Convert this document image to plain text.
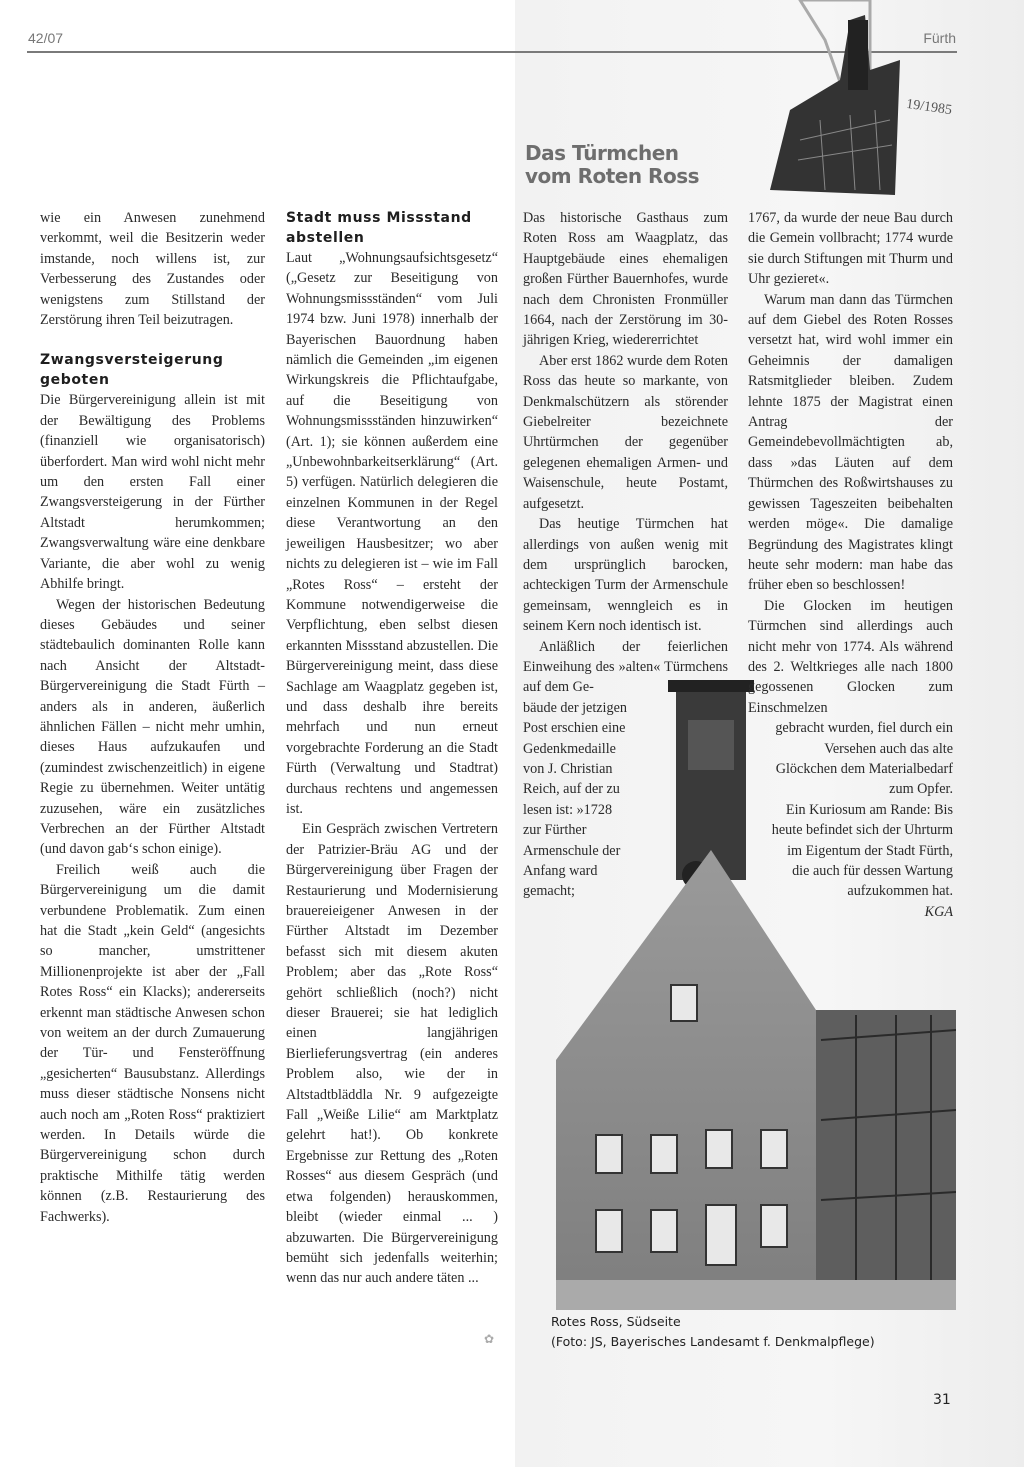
42/07	Fürth
19/1985
Das Türmchen
vom Roten Ross

wie ein Anwesen zunehmend verkommt, weil die Besitzerin weder imstande, noch willens ist, zur Verbesserung des Zustandes oder wenigstens zum Stillstand der Zerstörung ihren Teil beizutragen.

Zwangsversteigerung geboten

Die Bürgervereinigung allein ist mit der Bewältigung des Problems (finanziell wie organisatorisch) überfordert. Man wird wohl nicht mehr um den ersten Fall einer Zwangsversteigerung in der Fürther Altstadt herumkommen; Zwangsverwaltung wäre eine denkbare Variante, die aber wohl zu wenig Abhilfe bringt.

Wegen der historischen Bedeutung dieses Gebäudes und seiner städtebaulich dominanten Rolle kann nach Ansicht der Altstadt-Bürgervereinigung die Stadt Fürth – anders als in anderen, äußerlich ähnlichen Fällen – nicht mehr umhin, dieses Haus aufzukaufen und (zumindest zwischenzeitlich) in eigene Regie zu übernehmen. Weiter untätig zuzusehen, wäre ein zusätzliches Verbrechen an der Fürther Altstadt (und davon gab‘s schon einige).

Freilich weiß auch die Bürgervereinigung um die damit verbundene Problematik. Zum einen hat die Stadt „kein Geld“ (angesichts so mancher, umstrittener Millionenprojekte ist aber der „Fall Rotes Ross“ ein Klacks); andererseits erkennt man städtische Anwesen schon von weitem an der durch Zumauerung der Tür- und Fensteröffnung „gesicherten“ Bausubstanz. Allerdings muss dieser städtische Nonsens nicht auch noch am „Roten Ross“ praktiziert werden. In Details würde die Bürgervereinigung schon durch praktische Mithilfe tätig werden können (z.B. Restaurierung des Fachwerks).

Stadt muss Missstand abstellen

Laut „Wohnungsaufsichtsgesetz“ („Gesetz zur Beseitigung von Wohnungsmissständen“ vom Juli 1974 bzw. Juni 1978) innerhalb der Bayerischen Bauordnung haben nämlich die Gemeinden „im eigenen Wirkungskreis die Pflichtaufgabe, auf die Beseitigung von Wohnungsmissständen hinzuwirken“ (Art. 1); sie können außerdem eine „Unbewohnbarkeitserklärung“ (Art. 5) verfügen. Natürlich delegieren die einzelnen Kommunen in der Regel diese Verantwortung an den jeweiligen Hausbesitzer; wo aber nichts zu delegieren ist – wie im Fall „Rotes Ross“ – ersteht der Kommune notwendigerweise die Verpflichtung, eben selbst diesen erkannten Missstand abzustellen. Die Bürgervereinigung meint, dass diese Sachlage am Waagplatz gegeben ist, und dass deshalb ihre bereits mehrfach und nun erneut vorgebrachte Forderung an die Stadt Fürth (Verwaltung und Stadtrat) durchaus rechtens und angemessen ist.

Ein Gespräch zwischen Vertretern der Patrizier-Bräu AG und der Bürgervereinigung über Fragen der Restaurierung und Modernisierung brauereieigener Anwesen in der Fürther Altstadt im Dezember befasst sich mit diesem akuten Problem; aber das „Rote Ross“ gehört schließlich (noch?) nicht dieser Brauerei; sie hat lediglich einen langjährigen Bierlieferungsvertrag (ein anderes Problem also, wie der in Altstadtbläddla Nr. 9 aufgezeigte Fall „Weiße Lilie“ am Marktplatz gelehrt hat!). Ob konkrete Ergebnisse zur Rettung des „Roten Rosses“ aus diesem Gespräch (und etwa folgenden) herauskommen, bleibt (wieder einmal ... ) abzuwarten. Die Bürgervereinigung bemüht sich jedenfalls weiterhin; wenn das nur auch andere täten ...

✿

Das historische Gasthaus zum Roten Ross am Waagplatz, das Hauptgebäude eines ehemaligen großen Fürther Bauernhofes, wurde nach dem Chronisten Fronmüller 1664, nach der Zerstörung im 30-jährigen Krieg, wiedererrichtet

Aber erst 1862 wurde dem Roten Ross das heute so markante, von Denkmalschützern als störender Giebelreiter bezeichnete Uhrtürmchen der gegenüber gelegenen ehemaligen Armen- und Waisenschule, heute Postamt, aufgesetzt.

Das heutige Türmchen hat allerdings von außen wenig mit dem ursprünglich barocken, achteckigen Turm der Armenschule gemeinsam, wenngleich es in seinem Kern noch identisch ist.

Anläßlich der feierlichen Einweihung des »alten« Türmchens auf dem Ge-

bäude der jetzigen Post erschien eine Gedenkmedaille von J. Christian Reich, auf der zu lesen ist: »1728 zur Fürther Armenschule der Anfang ward gemacht;

1767, da wurde der neue Bau durch die Gemein vollbracht; 1774 wurde sie durch Stiftungen mit Thurm und Uhr gezieret«.

Warum man dann das Türmchen auf dem Giebel des Roten Rosses versetzt hat, wird wohl immer ein Geheimnis der damaligen Ratsmitglieder bleiben. Zudem lehnte 1875 der Magistrat einen Antrag der Gemeindebevollmächtigten ab, dass »das Läuten auf dem Thürmchen des Roßwirtshauses zu gewissen Tageszeiten beibehalten werden möge«. Die damalige Begründung des Magistrates klingt heute sehr modern: man habe das früher eben so beschlossen!

Die Glocken im heutigen Türmchen sind allerdings auch nicht mehr von 1774. Als während des 2. Weltkrieges alle nach 1800 gegossenen Glocken zum Einschmelzen

gebracht wurden, fiel durch ein Versehen auch das alte Glöckchen dem Materialbedarf zum Opfer.

Ein Kuriosum am Rande: Bis heute befindet sich der Uhrturm im Eigentum der Stadt Fürth, die auch für dessen Wartung aufzukommen hat.

KGA

Rotes Ross, Südseite
(Foto: JS, Bayerisches Landesamt f. Denkmalpflege)
31
